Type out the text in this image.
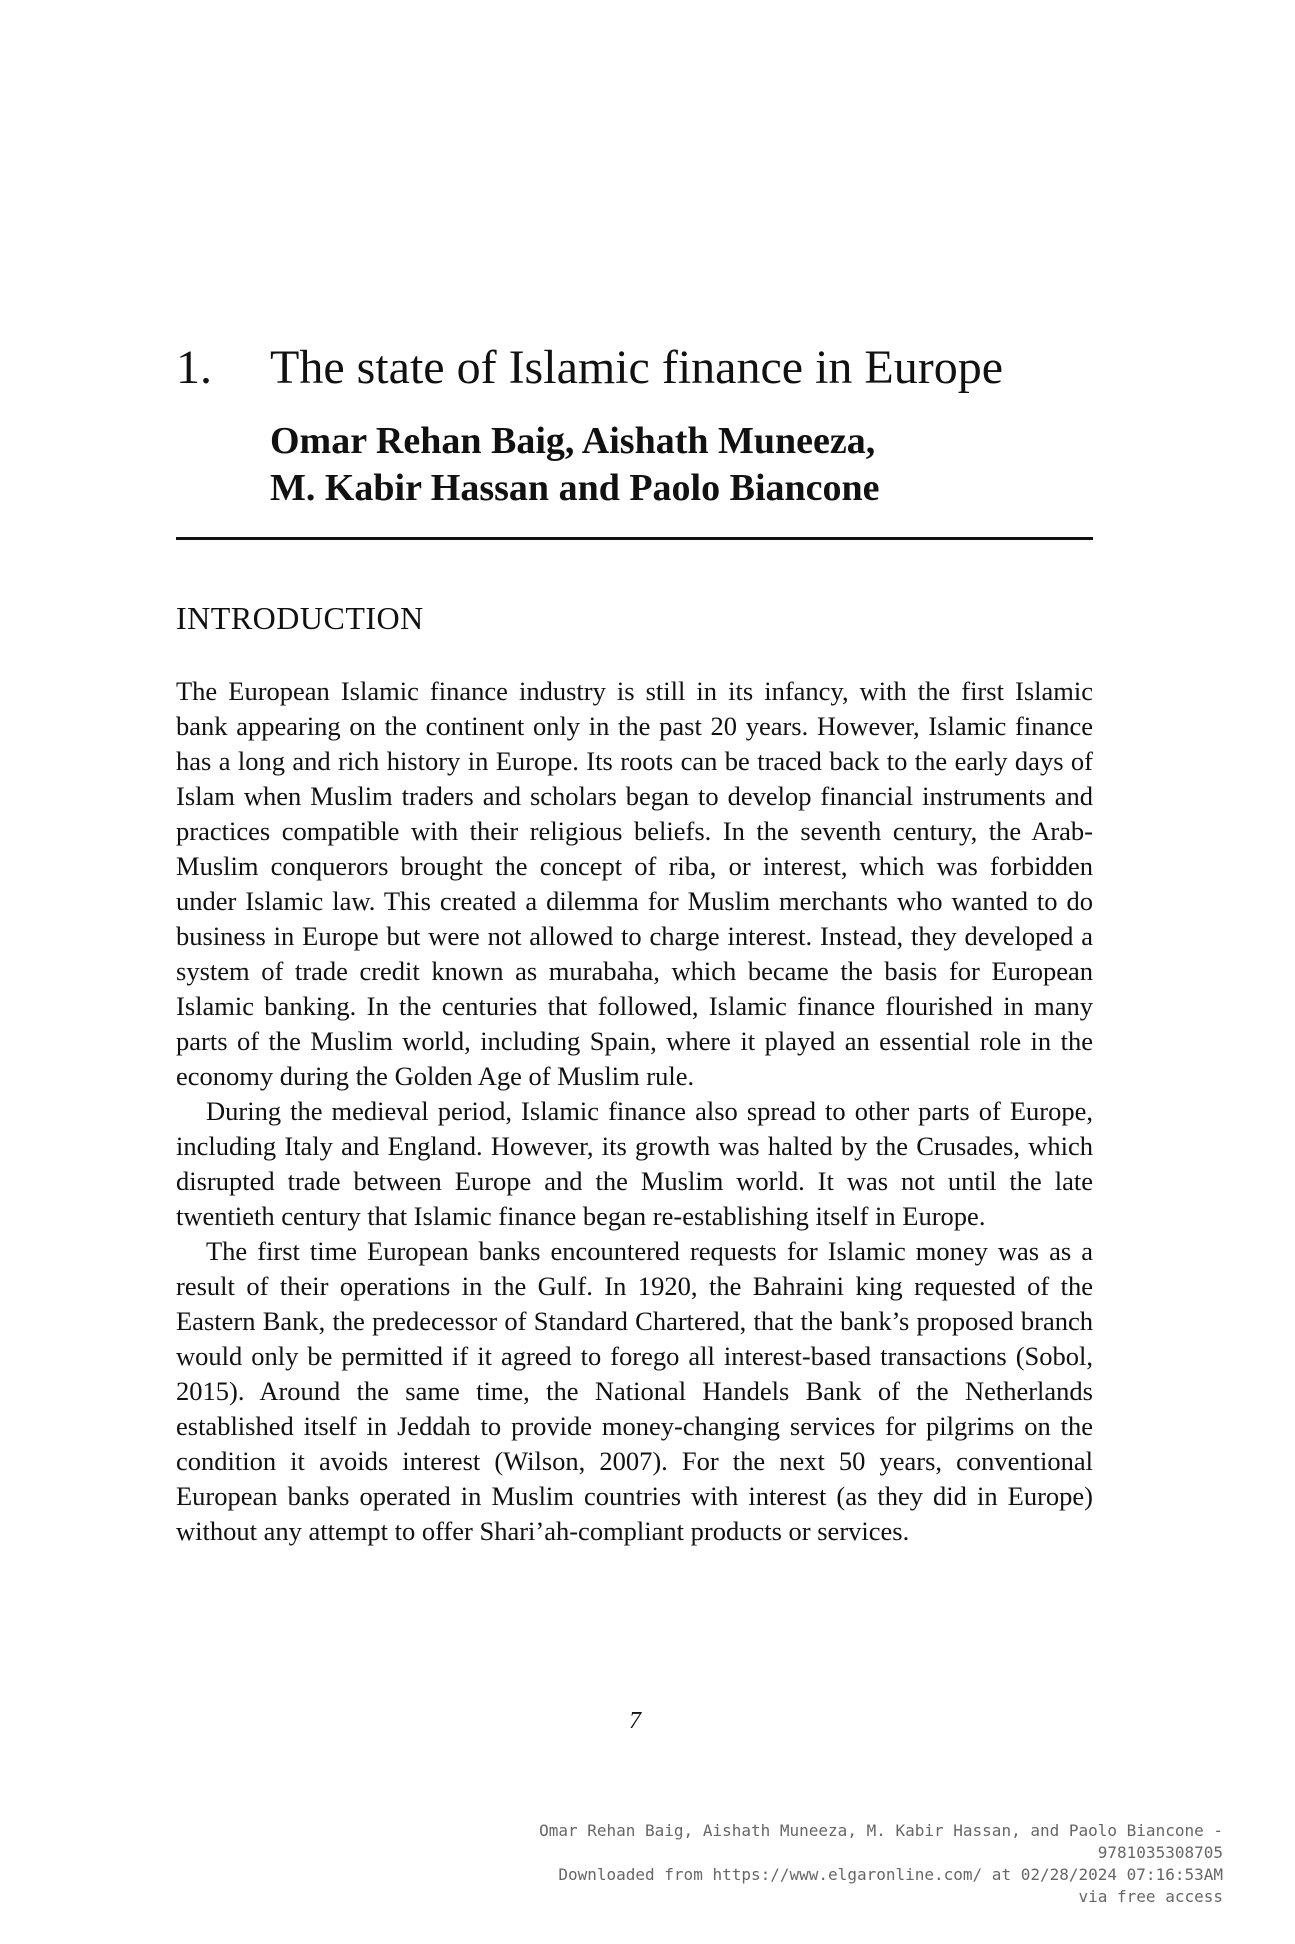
1. The state of Islamic finance in Europe
Omar Rehan Baig, Aishath Muneeza,
M. Kabir Hassan and Paolo Biancone
INTRODUCTION

The European Islamic finance industry is still in its infancy, with the first Islamic bank appearing on the continent only in the past 20 years. However, Islamic finance has a long and rich history in Europe. Its roots can be traced back to the early days of Islam when Muslim traders and scholars began to develop financial instruments and practices compatible with their religious beliefs. In the seventh century, the Arab-Muslim conquerors brought the concept of riba, or interest, which was forbidden under Islamic law. This created a dilemma for Muslim merchants who wanted to do business in Europe but were not allowed to charge interest. Instead, they developed a system of trade credit known as murabaha, which became the basis for European Islamic banking. In the centuries that followed, Islamic finance flourished in many parts of the Muslim world, including Spain, where it played an essential role in the economy during the Golden Age of Muslim rule.

During the medieval period, Islamic finance also spread to other parts of Europe, including Italy and England. However, its growth was halted by the Crusades, which disrupted trade between Europe and the Muslim world. It was not until the late twentieth century that Islamic finance began re-establishing itself in Europe.

The first time European banks encountered requests for Islamic money was as a result of their operations in the Gulf. In 1920, the Bahraini king requested of the Eastern Bank, the predecessor of Standard Chartered, that the bank’s proposed branch would only be permitted if it agreed to forego all interest-based transactions (Sobol, 2015). Around the same time, the National Handels Bank of the Netherlands established itself in Jeddah to provide money-changing services for pilgrims on the condition it avoids interest (Wilson, 2007). For the next 50 years, conventional European banks operated in Muslim countries with interest (as they did in Europe) without any attempt to offer Shari’ah-compliant products or services.

7
Omar Rehan Baig, Aishath Muneeza, M. Kabir Hassan, and Paolo Biancone -
9781035308705
Downloaded from https://www.elgaronline.com/ at 02/28/2024 07:16:53AM
via free access
